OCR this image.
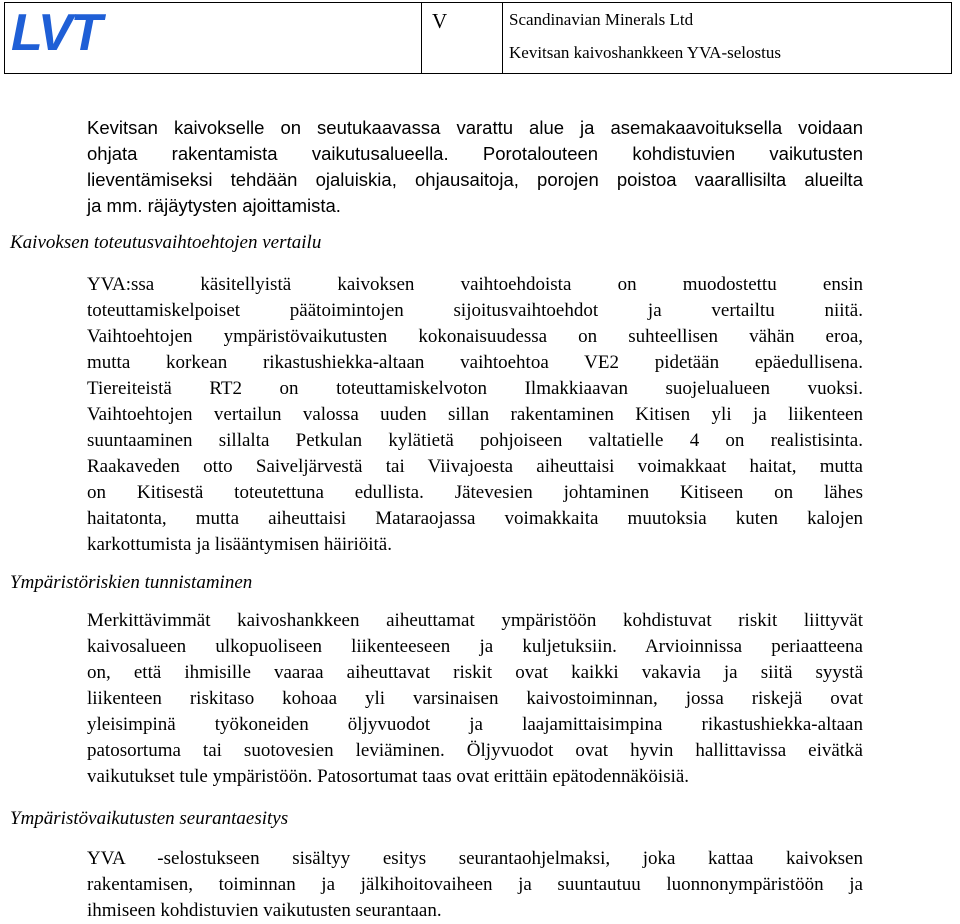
LVT	V	Scandinavian Minerals Ltd
Kevitsan kaivoshankkeen YVA-selostus
Kevitsan kaivokselle on seutukaavassa varattu alue ja asemakaavoituksella voidaan
ohjata rakentamista vaikutusalueella. Porotalouteen kohdistuvien vaikutusten
lieventämiseksi tehdään ojaluiskia, ohjausaitoja, porojen poistoa vaarallisilta alueilta
ja mm. räjäytysten ajoittamista.
Kaivoksen toteutusvaihtoehtojen vertailu
YVA:ssa käsitellyistä kaivoksen vaihtoehdoista on muodostettu ensin
toteuttamiskelpoiset päätoimintojen sijoitusvaihtoehdot ja vertailtu niitä.
Vaihtoehtojen ympäristövaikutusten kokonaisuudessa on suhteellisen vähän eroa,
mutta korkean rikastushiekka-altaan vaihtoehtoa VE2 pidetään epäedullisena.
Tiereiteistä RT2 on toteuttamiskelvoton Ilmakkiaavan suojelualueen vuoksi.
Vaihtoehtojen vertailun valossa uuden sillan rakentaminen Kitisen yli ja liikenteen
suuntaaminen sillalta Petkulan kylätietä pohjoiseen valtatielle 4 on realistisinta.
Raakaveden otto Saiveljärvestä tai Viivajoesta aiheuttaisi voimakkaat haitat, mutta
on Kitisestä toteutettuna edullista. Jätevesien johtaminen Kitiseen on lähes
haitatonta, mutta aiheuttaisi Mataraojassa voimakkaita muutoksia kuten kalojen
karkottumista ja lisääntymisen häiriöitä.
Ympäristöriskien tunnistaminen
Merkittävimmät kaivoshankkeen aiheuttamat ympäristöön kohdistuvat riskit liittyvät
kaivosalueen ulkopuoliseen liikenteeseen ja kuljetuksiin. Arvioinnissa periaatteena
on, että ihmisille vaaraa aiheuttavat riskit ovat kaikki vakavia ja siitä syystä
liikenteen riskitaso kohoaa yli varsinaisen kaivostoiminnan, jossa riskejä ovat
yleisimpinä työkoneiden öljyvuodot ja laajamittaisimpina rikastushiekka-altaan
patosortuma tai suotovesien leviäminen. Öljyvuodot ovat hyvin hallittavissa eivätkä
vaikutukset tule ympäristöön. Patosortumat taas ovat erittäin epätodennäköisiä.
Ympäristövaikutusten seurantaesitys
YVA -selostukseen sisältyy esitys seurantaohjelmaksi, joka kattaa kaivoksen
rakentamisen, toiminnan ja jälkihoitovaiheen ja suuntautuu luonnonympäristöön ja
ihmiseen kohdistuvien vaikutusten seurantaan.
